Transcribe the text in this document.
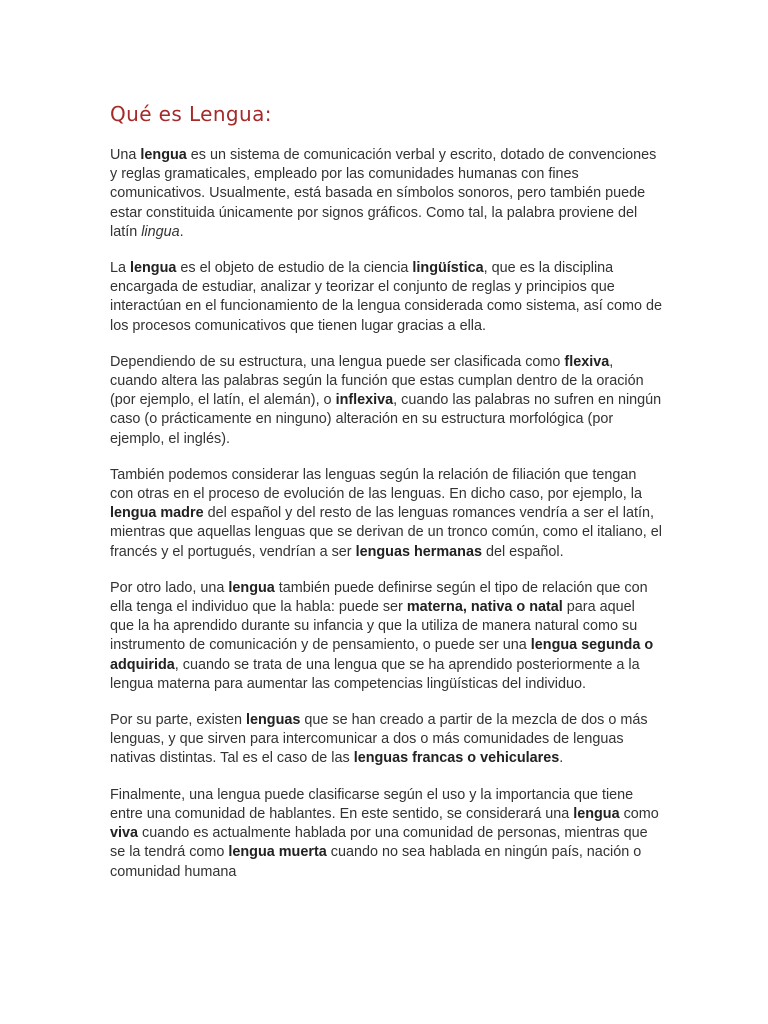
Qué es Lengua:

Una lengua es un sistema de comunicación verbal y escrito, dotado de convenciones y reglas gramaticales, empleado por las comunidades humanas con fines comunicativos. Usualmente, está basada en símbolos sonoros, pero también puede estar constituida únicamente por signos gráficos. Como tal, la palabra proviene del latín lingua.

La lengua es el objeto de estudio de la ciencia lingüística, que es la disciplina encargada de estudiar, analizar y teorizar el conjunto de reglas y principios que interactúan en el funcionamiento de la lengua considerada como sistema, así como de los procesos comunicativos que tienen lugar gracias a ella.

Dependiendo de su estructura, una lengua puede ser clasificada como flexiva, cuando altera las palabras según la función que estas cumplan dentro de la oración (por ejemplo, el latín, el alemán), o inflexiva, cuando las palabras no sufren en ningún caso (o prácticamente en ninguno) alteración en su estructura morfológica (por ejemplo, el inglés).

También podemos considerar las lenguas según la relación de filiación que tengan con otras en el proceso de evolución de las lenguas. En dicho caso, por ejemplo, la lengua madre del español y del resto de las lenguas romances vendría a ser el latín, mientras que aquellas lenguas que se derivan de un tronco común, como el italiano, el francés y el portugués, vendrían a ser lenguas hermanas del español.

Por otro lado, una lengua también puede definirse según el tipo de relación que con ella tenga el individuo que la habla: puede ser materna, nativa o natal para aquel que la ha aprendido durante su infancia y que la utiliza de manera natural como su instrumento de comunicación y de pensamiento, o puede ser una lengua segunda o adquirida, cuando se trata de una lengua que se ha aprendido posteriormente a la lengua materna para aumentar las competencias lingüísticas del individuo.

Por su parte, existen lenguas que se han creado a partir de la mezcla de dos o más lenguas, y que sirven para intercomunicar a dos o más comunidades de lenguas nativas distintas. Tal es el caso de las lenguas francas o vehiculares.

Finalmente, una lengua puede clasificarse según el uso y la importancia que tiene entre una comunidad de hablantes. En este sentido, se considerará una lengua como viva cuando es actualmente hablada por una comunidad de personas, mientras que se la tendrá como lengua muerta cuando no sea hablada en ningún país, nación o comunidad humana
